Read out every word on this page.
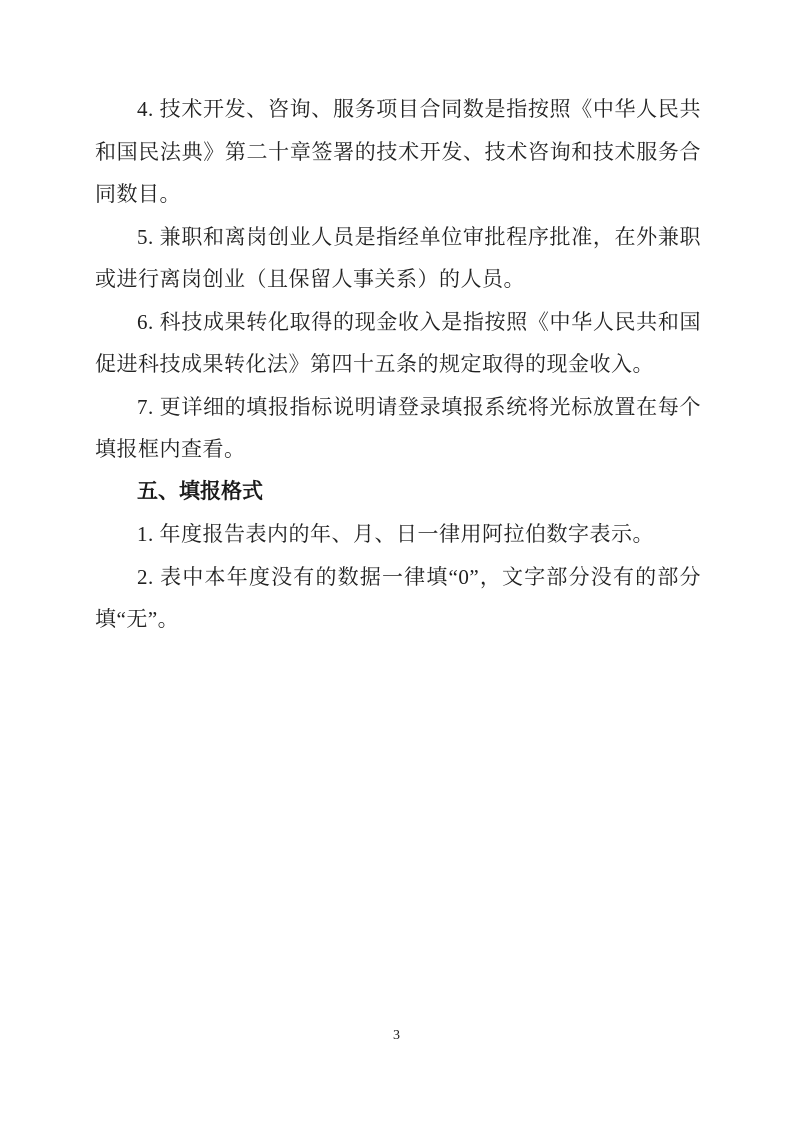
4. 技术开发、咨询、服务项目合同数是指按照《中华人民共和国民法典》第二十章签署的技术开发、技术咨询和技术服务合同数目。

5. 兼职和离岗创业人员是指经单位审批程序批准，在外兼职或进行离岗创业（且保留人事关系）的人员。

6. 科技成果转化取得的现金收入是指按照《中华人民共和国促进科技成果转化法》第四十五条的规定取得的现金收入。

7. 更详细的填报指标说明请登录填报系统将光标放置在每个填报框内查看。

五、填报格式

1. 年度报告表内的年、月、日一律用阿拉伯数字表示。

2. 表中本年度没有的数据一律填“0”，文字部分没有的部分填“无”。

3
